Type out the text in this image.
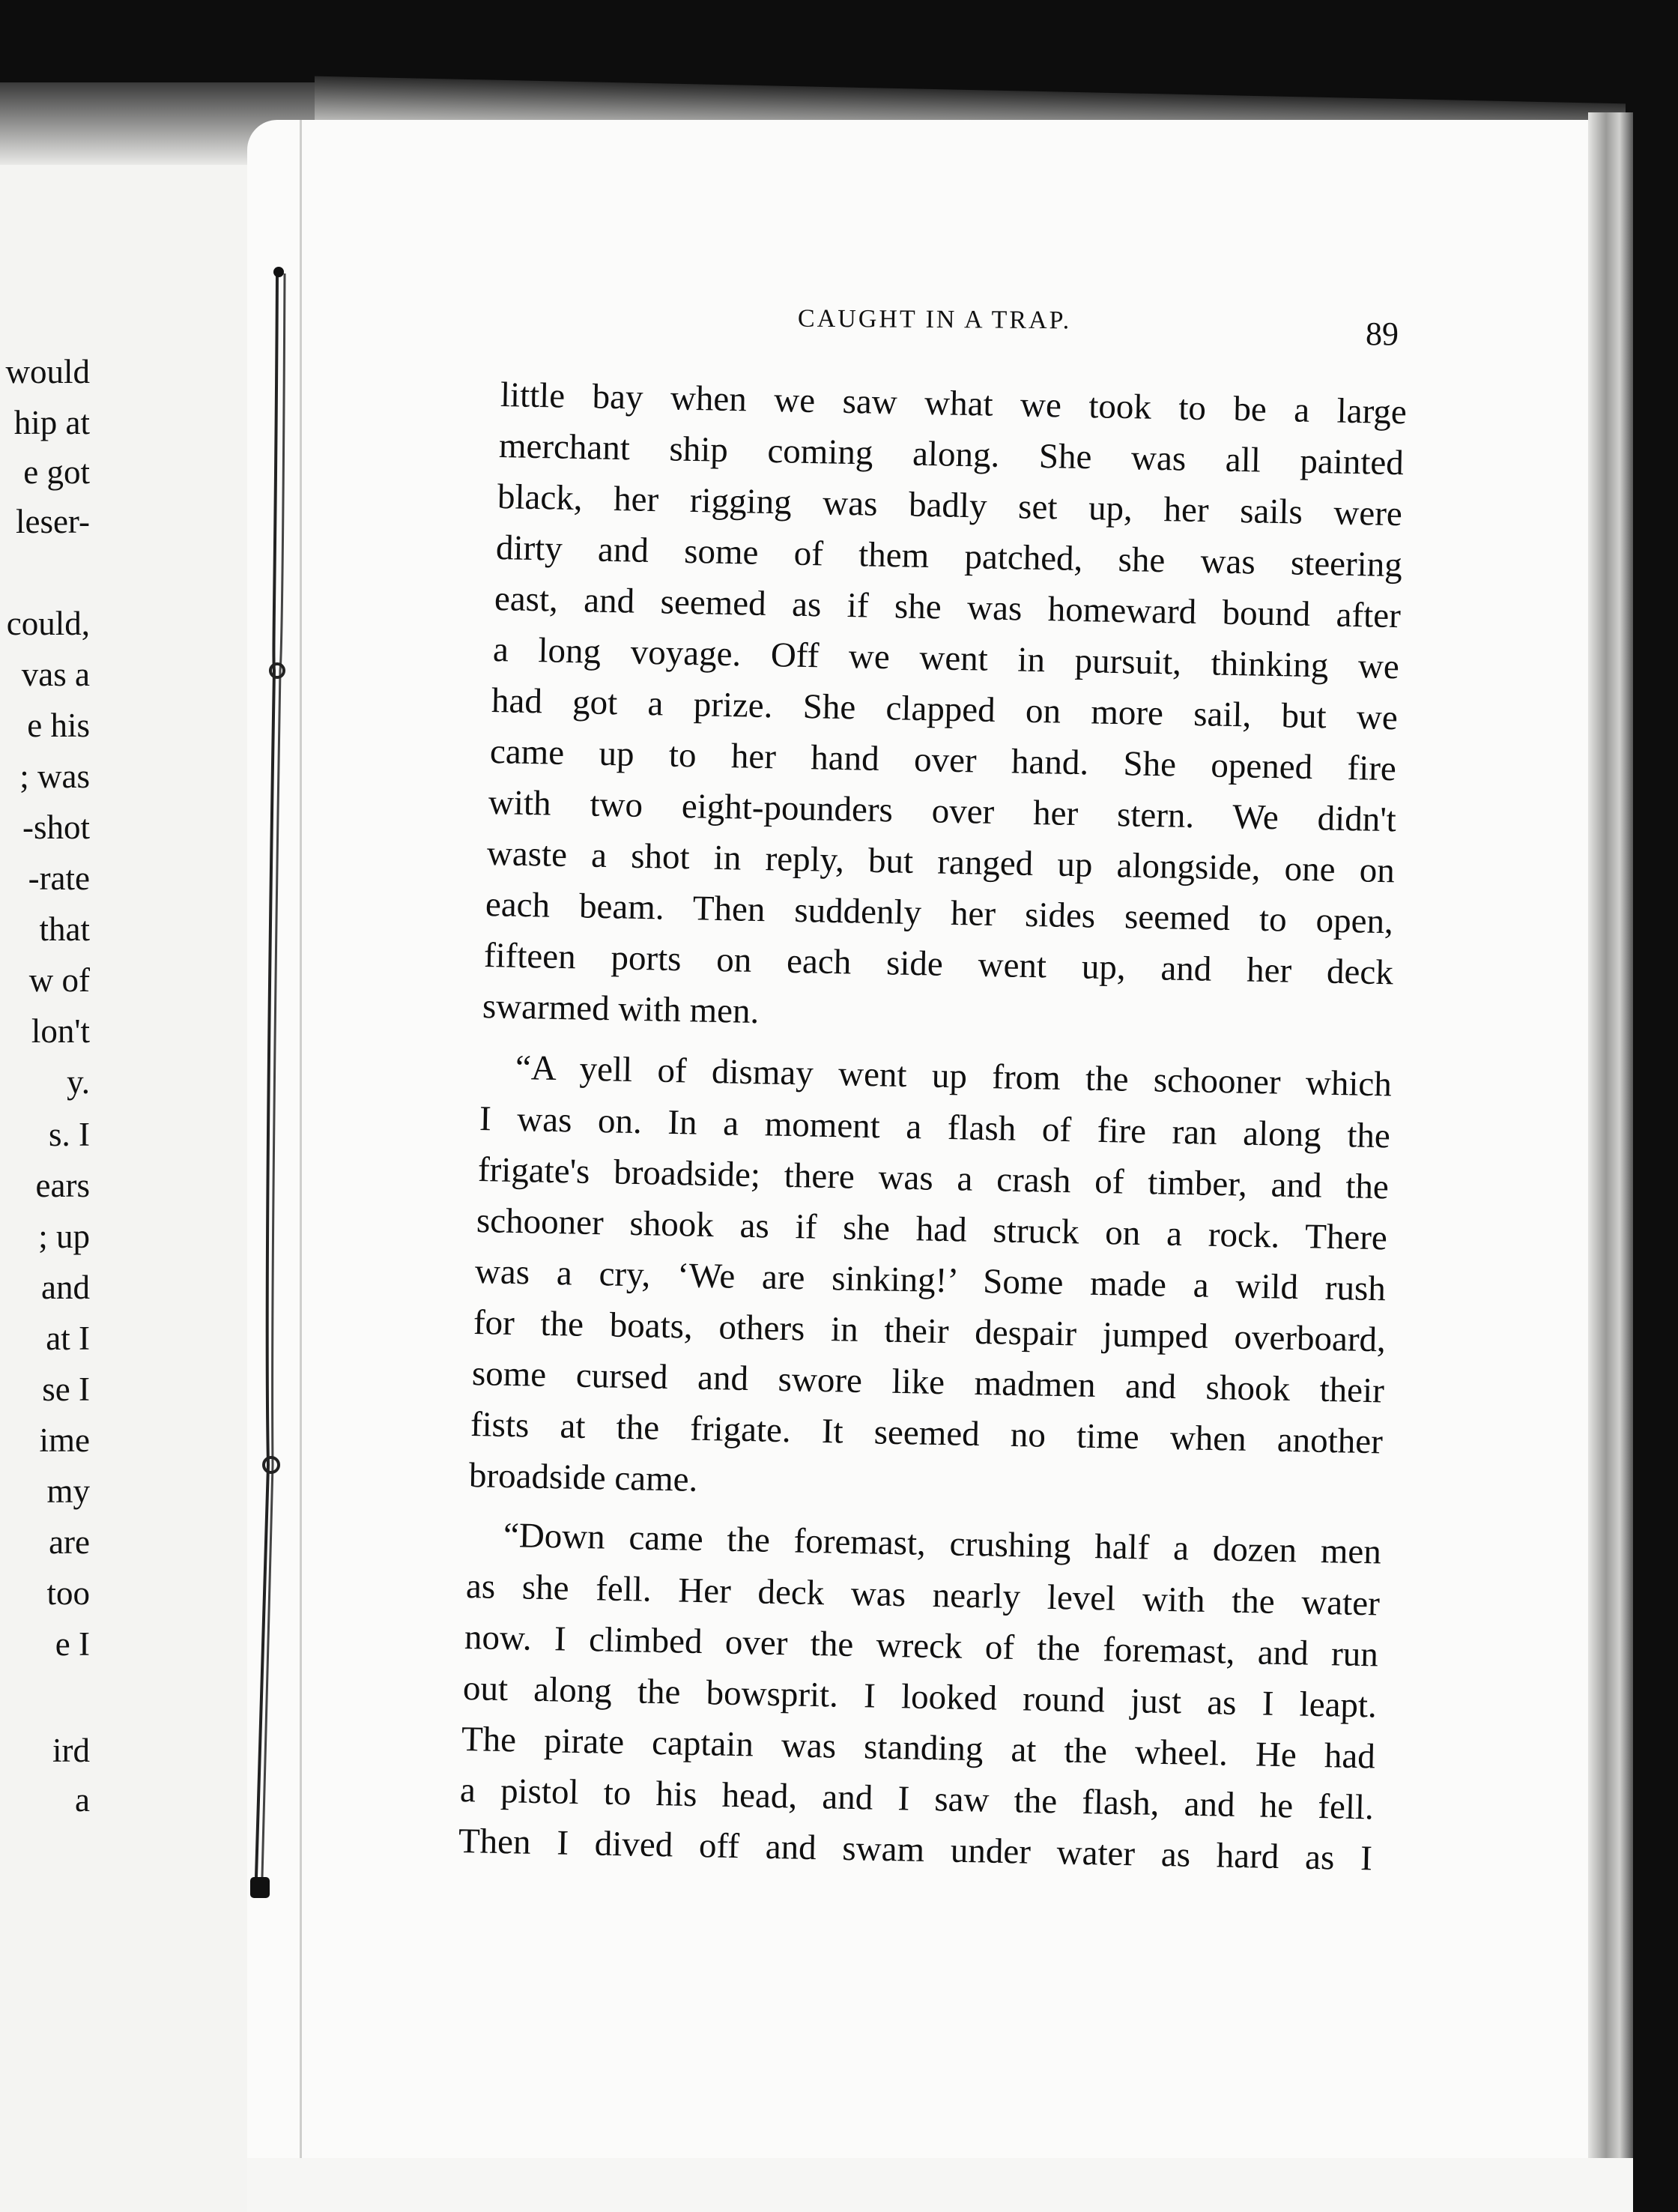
would
hip at
e got
leser-
could,
vas a
e his
; was
-shot
-rate
that
w of
lon't
y.
s. I
ears
; up
and
at I
se I
ime
my
are
too
e I
ird
a
CAUGHT IN A TRAP.	89
little bay when we saw what we took to be a large
merchant ship coming along. She was all painted
black, her rigging was badly set up, her sails were
dirty and some of them patched, she was steering
east, and seemed as if she was homeward bound after
a long voyage. Off we went in pursuit, thinking we
had got a prize. She clapped on more sail, but we
came up to her hand over hand. She opened fire
with two eight-pounders over her stern. We didn't
waste a shot in reply, but ranged up alongside, one on
each beam. Then suddenly her sides seemed to open,
fifteen ports on each side went up, and her deck
swarmed with men.
“A yell of dismay went up from the schooner which
I was on. In a moment a flash of fire ran along the
frigate's broadside; there was a crash of timber, and the
schooner shook as if she had struck on a rock. There
was a cry, ‘We are sinking!’ Some made a wild rush
for the boats, others in their despair jumped overboard,
some cursed and swore like madmen and shook their
fists at the frigate. It seemed no time when another
broadside came.
“Down came the foremast, crushing half a dozen men
as she fell. Her deck was nearly level with the water
now. I climbed over the wreck of the foremast, and run
out along the bowsprit. I looked round just as I leapt.
The pirate captain was standing at the wheel. He had
a pistol to his head, and I saw the flash, and he fell.
Then I dived off and swam under water as hard as I
